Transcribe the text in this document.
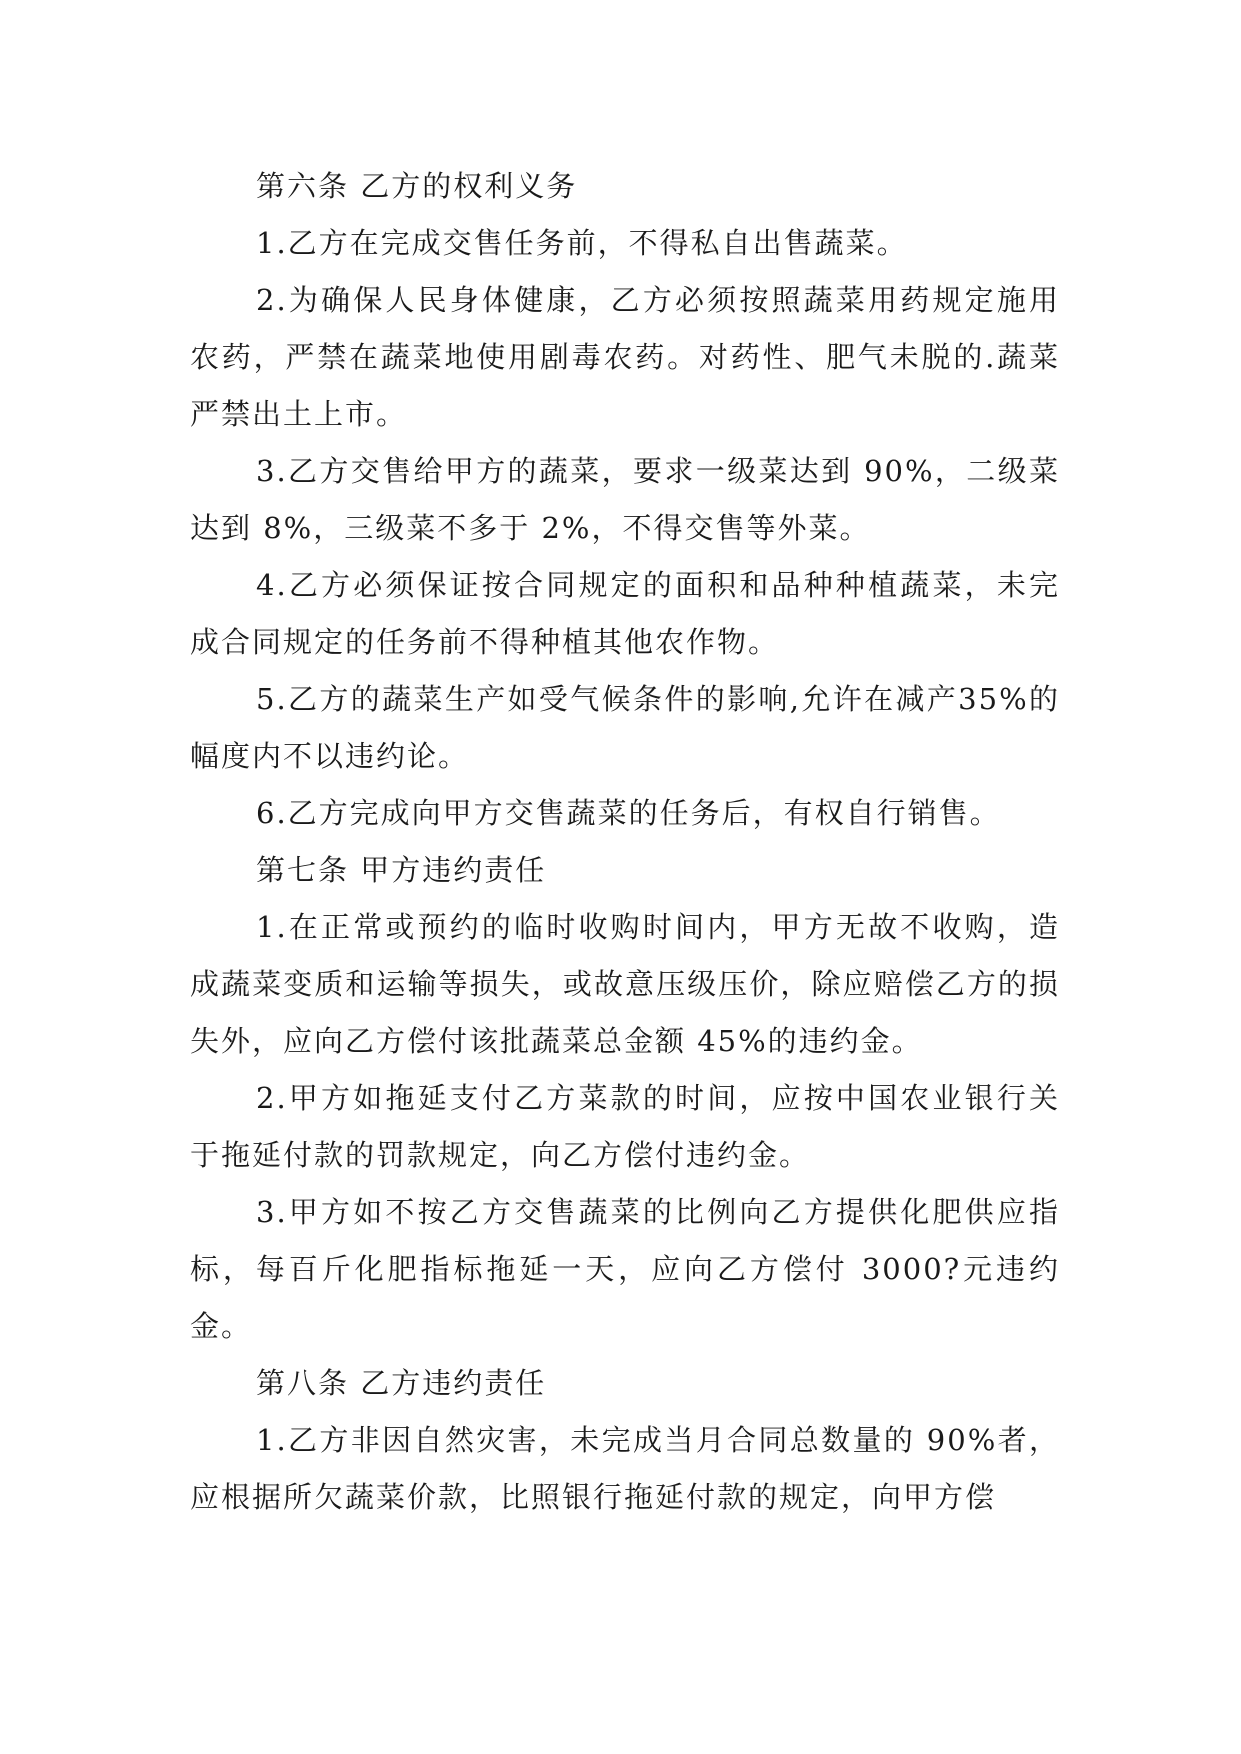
第六条 乙方的权利义务

1.乙方在完成交售任务前，不得私自出售蔬菜。

2.为确保人民身体健康，乙方必须按照蔬菜用药规定施用农药，严禁在蔬菜地使用剧毒农药。对药性、肥气未脱的.蔬菜严禁出土上市。

3.乙方交售给甲方的蔬菜，要求一级菜达到 90%，二级菜达到 8%，三级菜不多于 2%，不得交售等外菜。

4.乙方必须保证按合同规定的面积和品种种植蔬菜，未完成合同规定的任务前不得种植其他农作物。

5.乙方的蔬菜生产如受气候条件的影响,允许在减产35%的幅度内不以违约论。

6.乙方完成向甲方交售蔬菜的任务后，有权自行销售。

第七条 甲方违约责任

1.在正常或预约的临时收购时间内，甲方无故不收购，造成蔬菜变质和运输等损失，或故意压级压价，除应赔偿乙方的损失外，应向乙方偿付该批蔬菜总金额 45%的违约金。

2.甲方如拖延支付乙方菜款的时间，应按中国农业银行关于拖延付款的罚款规定，向乙方偿付违约金。

3.甲方如不按乙方交售蔬菜的比例向乙方提供化肥供应指标，每百斤化肥指标拖延一天，应向乙方偿付 3000?元违约金。

第八条 乙方违约责任

1.乙方非因自然灾害，未完成当月合同总数量的 90%者，应根据所欠蔬菜价款，比照银行拖延付款的规定，向甲方偿
